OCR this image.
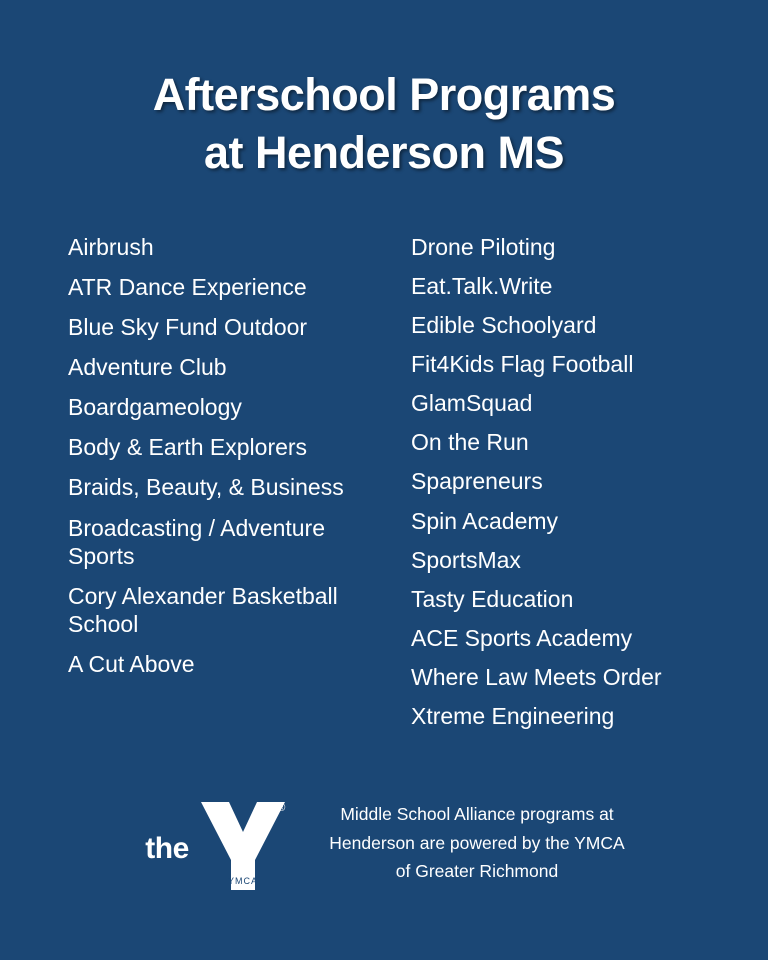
Afterschool Programs
at Henderson MS
Airbrush
ATR Dance Experience
Blue Sky Fund Outdoor
Adventure Club
Boardgameology
Body & Earth Explorers
Braids, Beauty, & Business
Broadcasting / Adventure Sports
Cory Alexander Basketball School
A Cut Above
Drone Piloting
Eat.Talk.Write
Edible Schoolyard
Fit4Kids Flag Football
GlamSquad
On the Run
Spapreneurs
Spin Academy
SportsMax
Tasty Education
ACE Sports Academy
Where Law Meets Order
Xtreme Engineering
the
YMCA
®	Middle School Alliance programs at
Henderson are powered by the YMCA
of Greater Richmond
